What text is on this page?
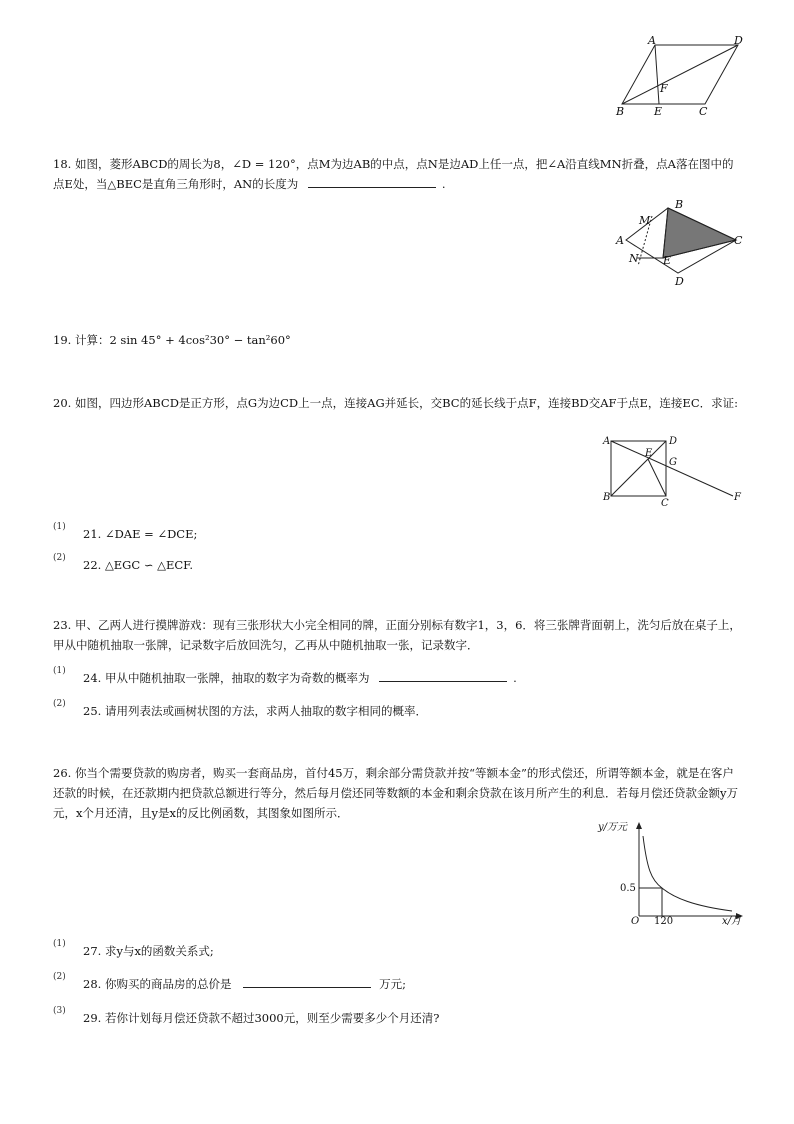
A	D
F
B	E	C
18. 如图，菱形ABCD的周长为8，∠D = 120°，点M为边AB的中点，点N是边AD上任一点，把∠A沿直线MN折叠，点A落在图中的点E处，当△BEC是直角三角形时，AN的长度为	.
B
M
A	C
N E
D
19. 计算：2 sin 45° + 4cos²30° − tan²60°
20. 如图，四边形ABCD是正方形，点G为边CD上一点，连接AG并延长，交BC的延长线于点F，连接BD交AF于点E，连接EC．求证:
A	D
E
G
B
C
F
(1) 21. ∠DAE = ∠DCE;
(2) 22. △EGC ∽ △ECF.
23. 甲、乙两人进行摸牌游戏：现有三张形状大小完全相同的牌，正面分别标有数字1，3，6．将三张牌背面朝上，洗匀后放在桌子上，甲从中随机抽取一张牌，记录数字后放回洗匀，乙再从中随机抽取一张，记录数字．
(1) 24. 甲从中随机抽取一张牌，抽取的数字为奇数的概率为	.
(2) 25. 请用列表法或画树状图的方法，求两人抽取的数字相同的概率．
26. 你当个需要贷款的购房者，购买一套商品房，首付45万，剩余部分需贷款并按“等额本金”的形式偿还，所谓等额本金，就是在客户还款的时候，在还款期内把贷款总额进行等分，然后每月偿还同等数额的本金和剩余贷款在该月所产生的利息．若每月偿还贷款金额y万元，x个月还清，且y是x的反比例函数，其图象如图所示．
y/万元
0.5
O 120	x/月
(1) 27. 求y与x的函数关系式;
(2) 28. 你购买的商品房的总价是	万元;
(3) 29. 若你计划每月偿还贷款不超过3000元，则至少需要多少个月还清?
